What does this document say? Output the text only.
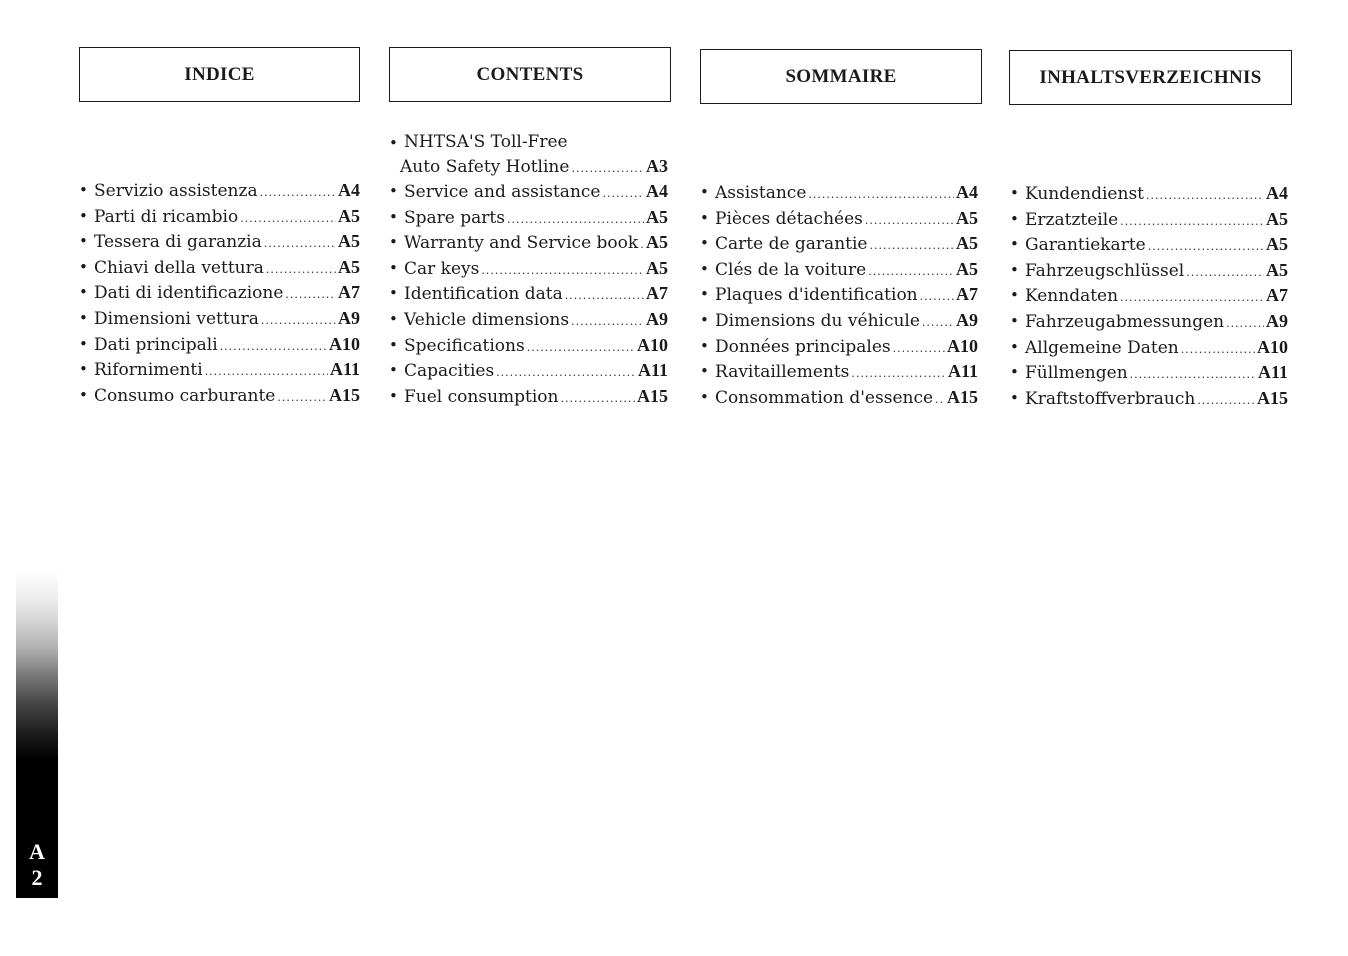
INDICE	CONTENTS	SOMMAIRE	INHALTSVERZEICHNIS
• Servizio assistenza .....	A4
• Parti di ricambio .....	A5
• Tessera di garanzia .....	A5
• Chiavi della vettura .....	A5
• Dati di identificazione .....	A7
• Dimensioni vettura .....	A9
• Dati principali .....	A10
• Rifornimenti .....	A11
• Consumo carburante .....	A15
• NHTSA'S Toll-Free
Auto Safety Hotline .....	A3
• Service and assistance .....	A4
• Spare parts .....	A5
• Warranty and Service book ..... A5
• Car keys .....	A5
• Identification data .....	A7
• Vehicle dimensions .....	A9
• Specifications .....	A10
• Capacities .....	A11
• Fuel consumption .....	A15
• Assistance .....	A4
• Pièces détachées .....	A5
• Carte de garantie .....	A5
• Clés de la voiture .....	A5
• Plaques d'identification ..... A7
• Dimensions du véhicule ..... A9
• Données principales .....	A10
• Ravitaillements .....	A11
• Consommation d'essence ..... A15
• Kundendienst .....	A4
• Erzatzteile .....	A5
• Garantiekarte .....	A5
• Fahrzeugschlüssel .....	A5
• Kenndaten .....	A7
• Fahrzeugabmessungen ..... A9
• Allgemeine Daten .....	A10
• Füllmengen .....	A11
• Kraftstoffverbrauch .....	A15
A
2
